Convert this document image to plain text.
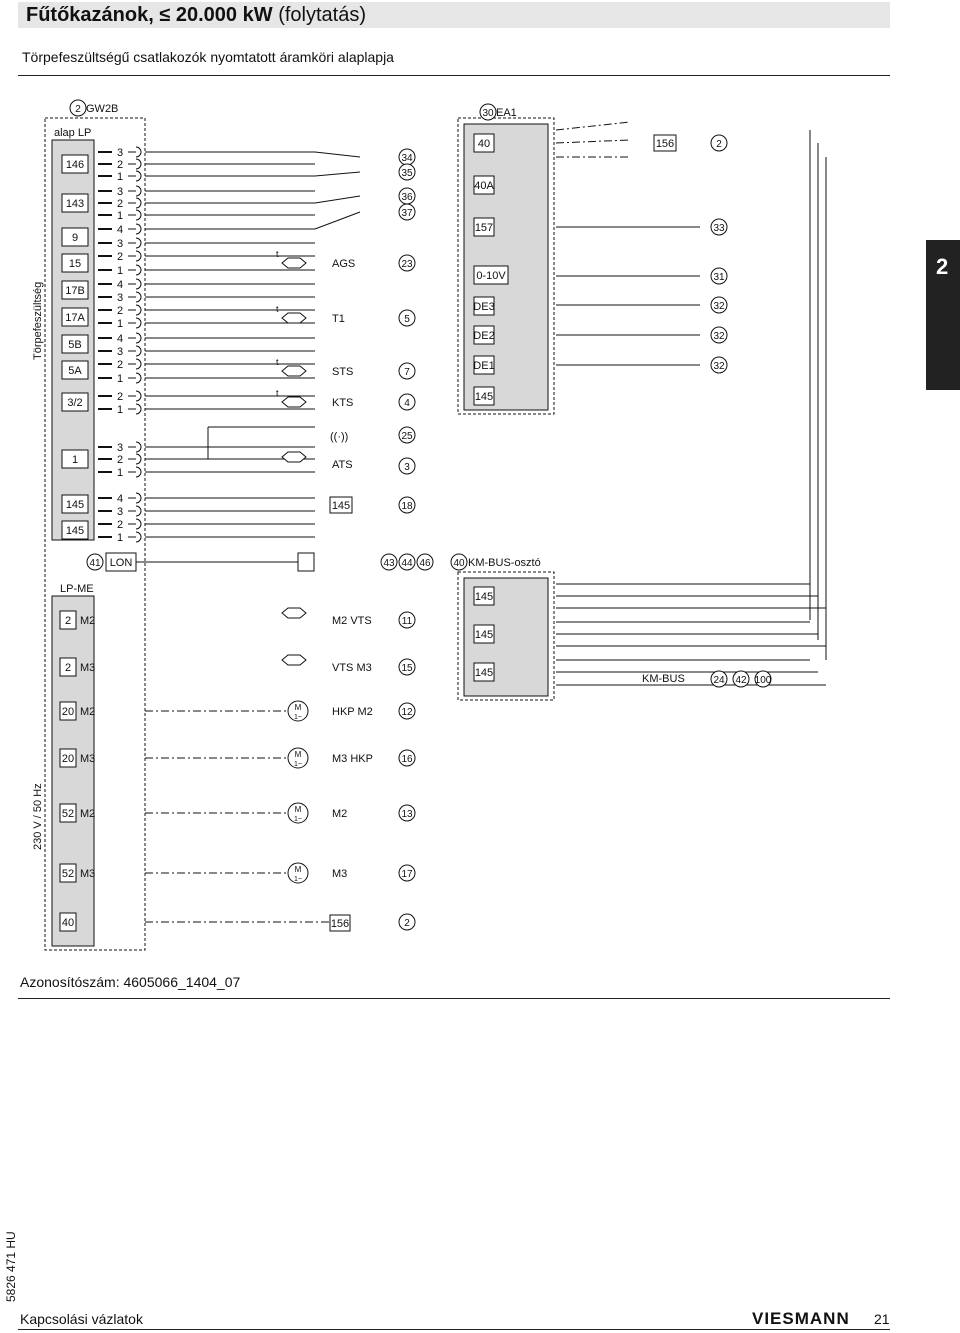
Fűtőkazánok, ≤ 20.000 kW (folytatás)
Törpefeszültségű csatlakozók nyomtatott áramköri alaplapja
2 GW2B
alap LP
146
143
9
15
17B
17A
5B
5A
3/2
1
145
145
Törpefeszültség
230 V / 50 Hz
3
2
1
3
2
1
4
3
2
1
4
3
2
1
4
3
2
1
2
1
3
2
1
4
3
2
1
34
35
36
37
t
AGS	23
t
T1	5
t
STS	7
t
KTS	4
((·))	25
ATS	3
145	18
41 LON	43 44 46 40 KM-BUS-osztó
LP-ME
2 M2
2 M3
20 M2
20 M3
52 M2
52 M3
40
M2 VTS	11
VTS M3	15
M
1~	HKP M2	12
M
1~	M3 HKP	16
M
1~	M2	13
M
1~	M3	17
156	2
30 EA1
40
40A
157
0-10V
DE3
DE2
DE1
145
156	2
33
31
32
32
32
145
145
145	KM-BUS	24 42 100
Azonosítószám: 4605066_1404_07
2
5826 471 HU
Kapcsolási vázlatok	VIESMANN 21
